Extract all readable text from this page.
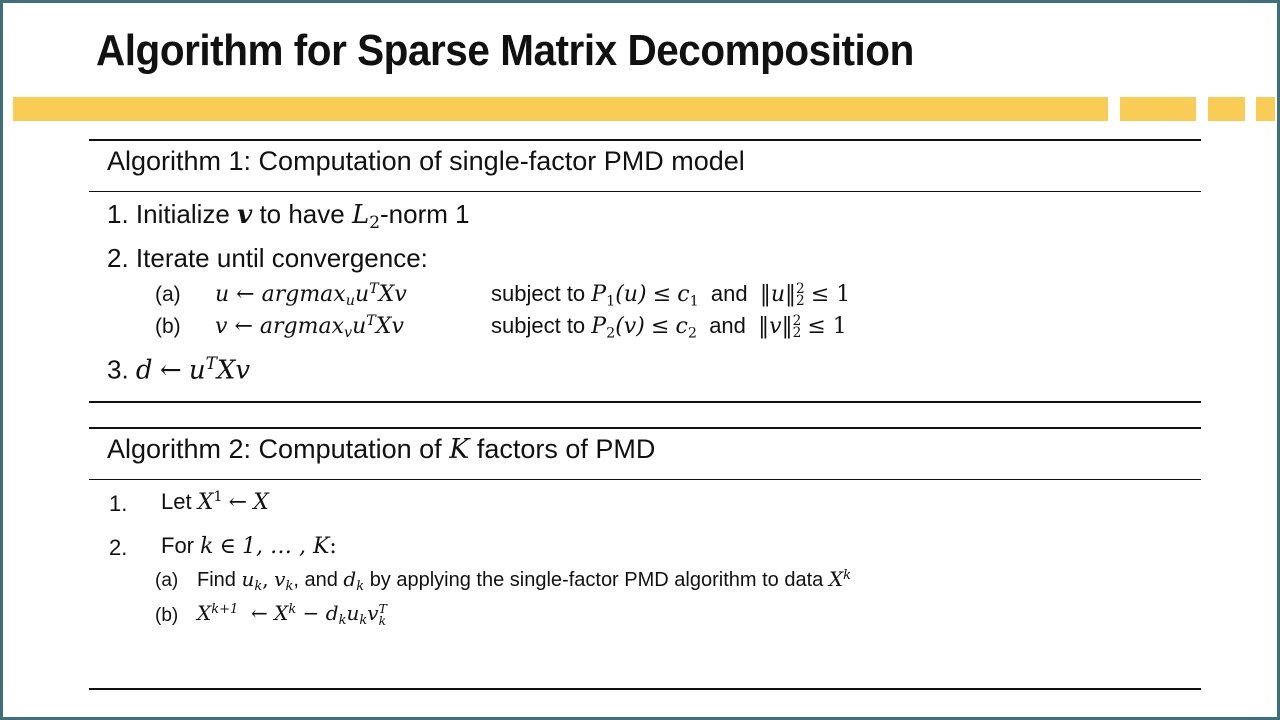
Algorithm for Sparse Matrix Decomposition
Algorithm 1: Computation of single-factor PMD model
1. Initialize v to have L2-norm 1
2. Iterate until convergence:
(a) u ← argmaxuu$^T$Xv	subject to P1(u) ≤ c1 and ‖u‖ 2
2 ≤ 1
(b) v ← argmaxvu$^T$Xv	subject to P2(v) ≤ c2 and ‖v‖ 2
2 ≤ 1
3. d ← $u^TXv$
Algorithm 2: Computation of K factors of PMD
1. Let $X^1$ ← X
2. For k ∈ 1, … , K:
(a) Find uk, vk, and dk by applying the single-factor PMD algorithm to data $X^k$
(b) $X^{k+1}$ ← $X^k$ − dkukv T
k
